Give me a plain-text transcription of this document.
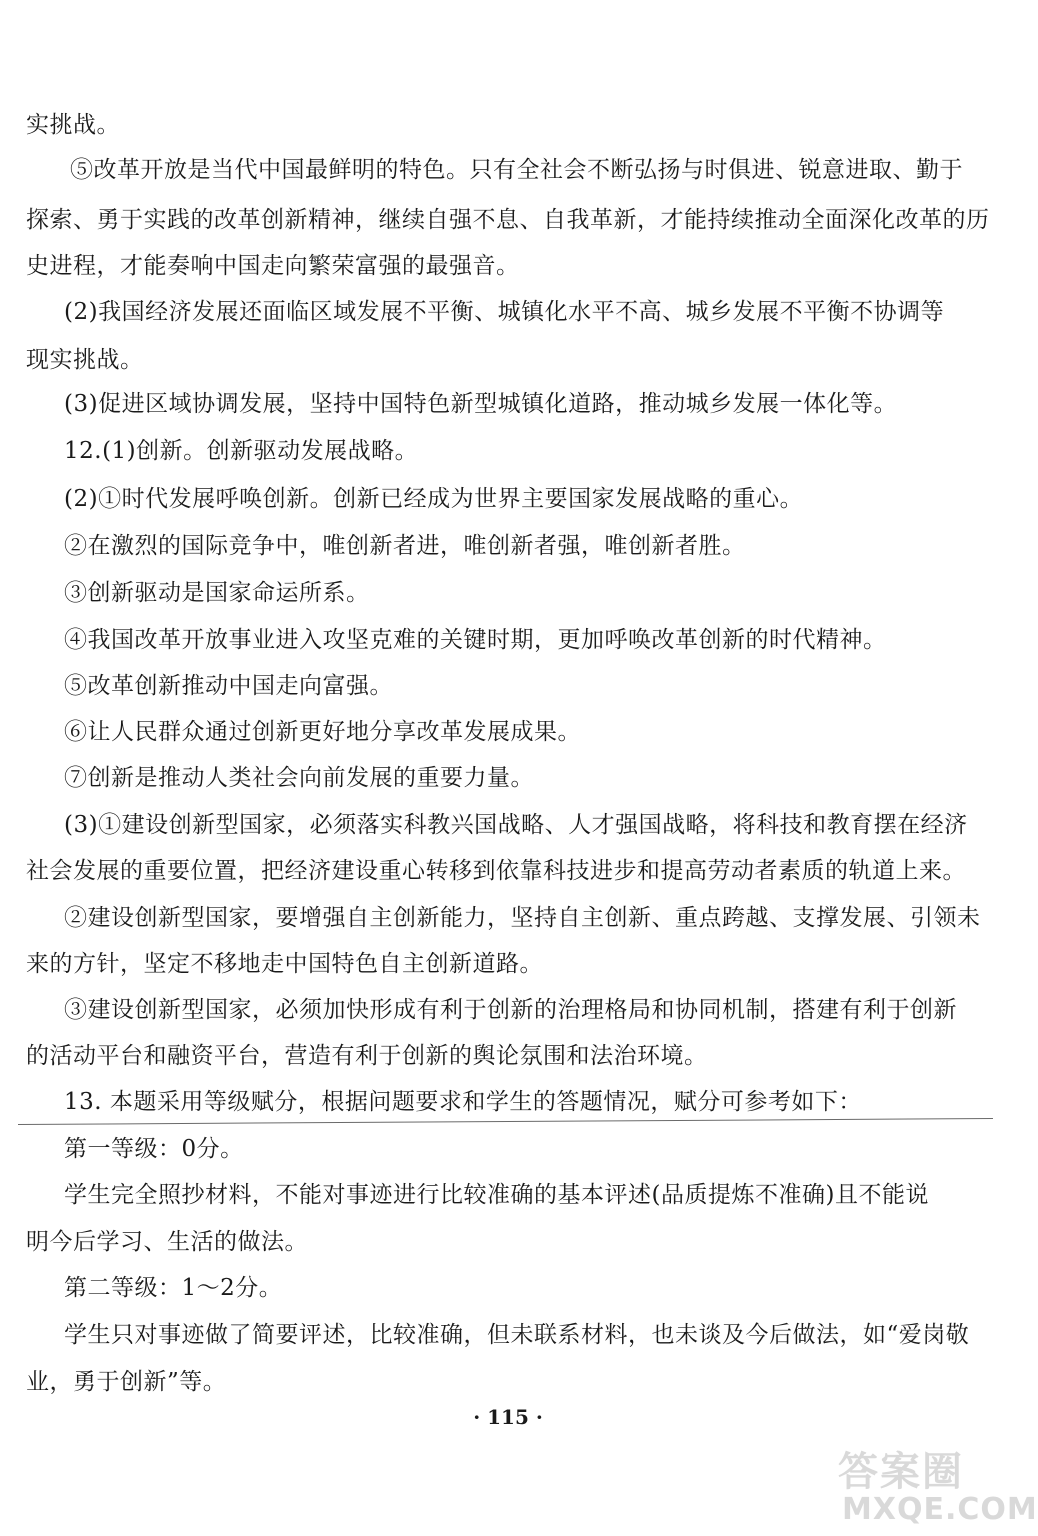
实挑战。
⑤改革开放是当代中国最鲜明的特色。只有全社会不断弘扬与时俱进、锐意进取、勤于
探索、勇于实践的改革创新精神，继续自强不息、自我革新，才能持续推动全面深化改革的历
史进程，才能奏响中国走向繁荣富强的最强音。
(2)我国经济发展还面临区域发展不平衡、城镇化水平不高、城乡发展不平衡不协调等
现实挑战。
(3)促进区域协调发展，坚持中国特色新型城镇化道路，推动城乡发展一体化等。
12.(1)创新。创新驱动发展战略。
(2)①时代发展呼唤创新。创新已经成为世界主要国家发展战略的重心。
②在激烈的国际竞争中，唯创新者进，唯创新者强，唯创新者胜。
③创新驱动是国家命运所系。
④我国改革开放事业进入攻坚克难的关键时期，更加呼唤改革创新的时代精神。
⑤改革创新推动中国走向富强。
⑥让人民群众通过创新更好地分享改革发展成果。
⑦创新是推动人类社会向前发展的重要力量。
(3)①建设创新型国家，必须落实科教兴国战略、人才强国战略，将科技和教育摆在经济
社会发展的重要位置，把经济建设重心转移到依靠科技进步和提高劳动者素质的轨道上来。
②建设创新型国家，要增强自主创新能力，坚持自主创新、重点跨越、支撑发展、引领未
来的方针，坚定不移地走中国特色自主创新道路。
③建设创新型国家，必须加快形成有利于创新的治理格局和协同机制，搭建有利于创新
的活动平台和融资平台，营造有利于创新的舆论氛围和法治环境。
13. 本题采用等级赋分，根据问题要求和学生的答题情况，赋分可参考如下：
第一等级：0分。
学生完全照抄材料，不能对事迹进行比较准确的基本评述(品质提炼不准确)且不能说
明今后学习、生活的做法。
第二等级：1～2分。
学生只对事迹做了简要评述，比较准确，但未联系材料，也未谈及今后做法，如“爱岗敬
业，勇于创新”等。
· 115 ·
答案圈
MXQE.COM
